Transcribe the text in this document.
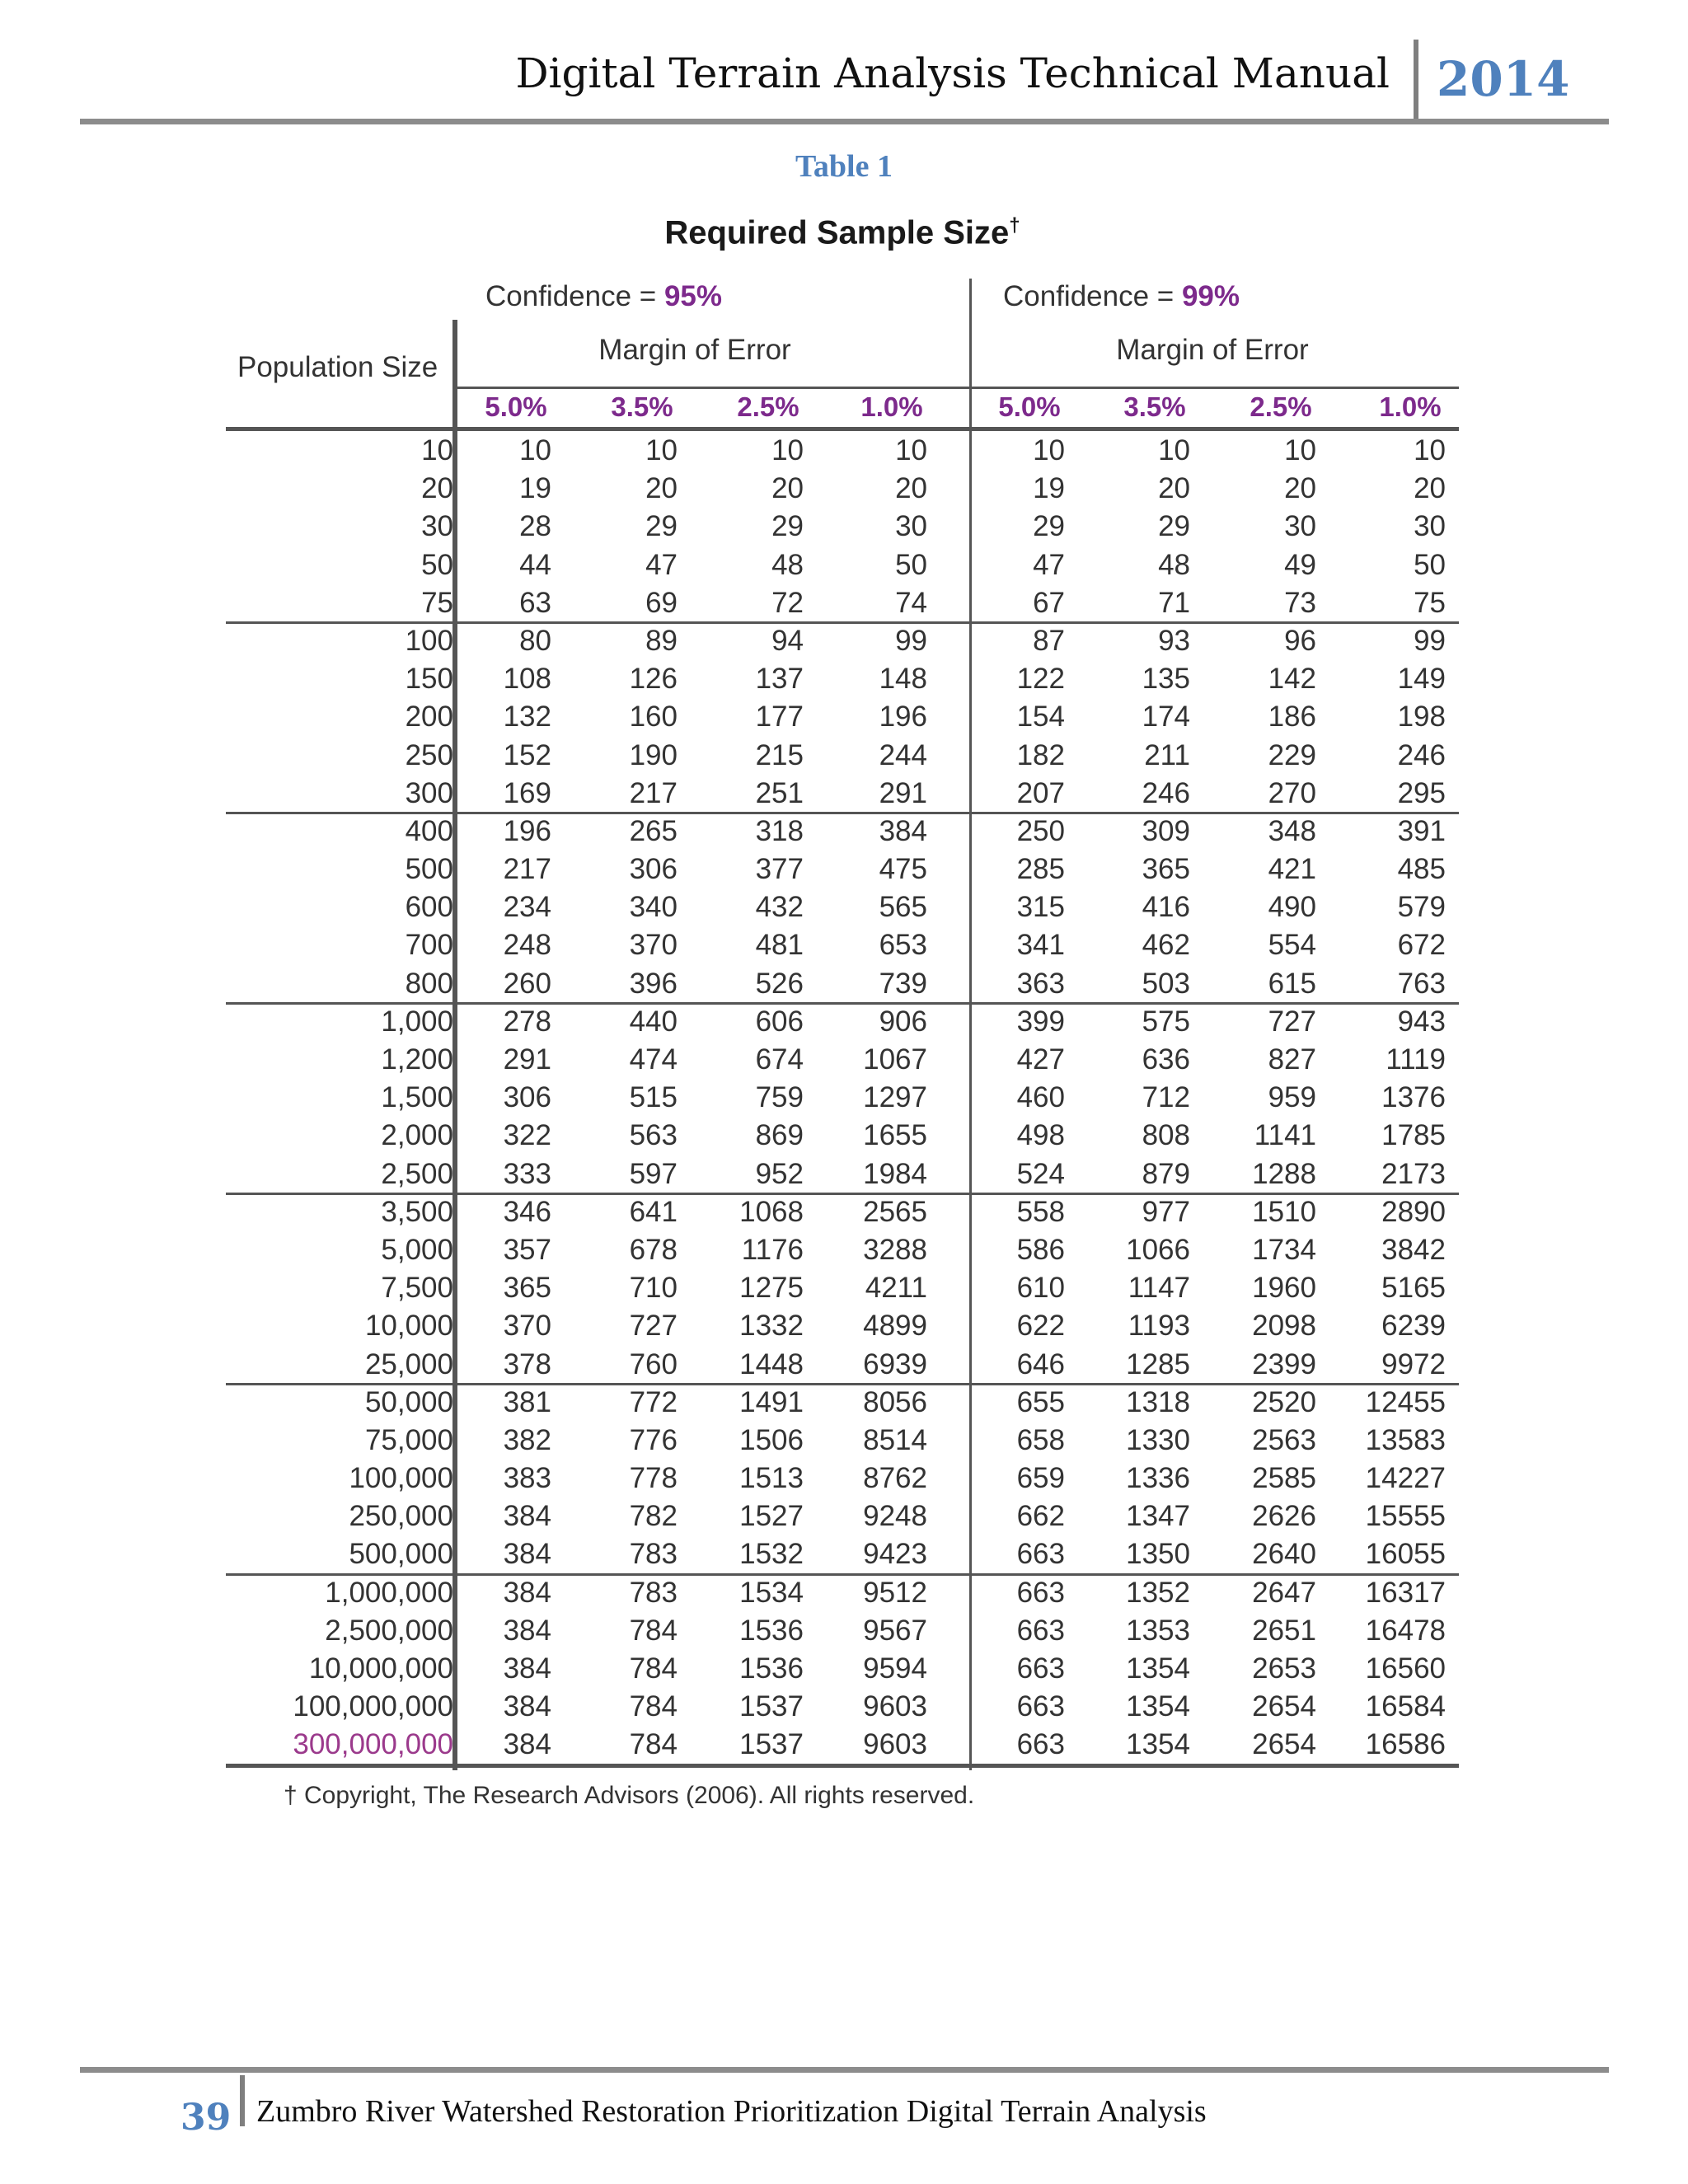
Digital Terrain Analysis Technical Manual 2014
Table 1
Required Sample Size†
Confidence = 95%	Confidence = 99%
Margin of Error	Margin of Error
Population Size
5.0%	3.5%	2.5%	1.0%	5.0%	3.5%	2.5%	1.0%
10	10	10	10	10	10	10	10	10
20	19	20	20	20	19	20	20	20
30	28	29	29	30	29	29	30	30
50	44	47	48	50	47	48	49	50
75	63	69	72	74	67	71	73	75
100	80	89	94	99	87	93	96	99
150	108	126	137	148	122	135	142	149
200	132	160	177	196	154	174	186	198
250	152	190	215	244	182	211	229	246
300	169	217	251	291	207	246	270	295
400	196	265	318	384	250	309	348	391
500	217	306	377	475	285	365	421	485
600	234	340	432	565	315	416	490	579
700	248	370	481	653	341	462	554	672
800	260	396	526	739	363	503	615	763
1,000	278	440	606	906	399	575	727	943
1,200	291	474	674	1067	427	636	827	1119
1,500	306	515	759	1297	460	712	959	1376
2,000	322	563	869	1655	498	808	1141	1785
2,500	333	597	952	1984	524	879	1288	2173
3,500	346	641	1068	2565	558	977	1510	2890
5,000	357	678	1176	3288	586	1066	1734	3842
7,500	365	710	1275	4211	610	1147	1960	5165
10,000	370	727	1332	4899	622	1193	2098	6239
25,000	378	760	1448	6939	646	1285	2399	9972
50,000	381	772	1491	8056	655	1318	2520	12455
75,000	382	776	1506	8514	658	1330	2563	13583
100,000	383	778	1513	8762	659	1336	2585	14227
250,000	384	782	1527	9248	662	1347	2626	15555
500,000	384	783	1532	9423	663	1350	2640	16055
1,000,000	384	783	1534	9512	663	1352	2647	16317
2,500,000	384	784	1536	9567	663	1353	2651	16478
10,000,000	384	784	1536	9594	663	1354	2653	16560
100,000,000	384	784	1537	9603	663	1354	2654	16584
300,000,000	384	784	1537	9603	663	1354	2654	16586
† Copyright, The Research Advisors (2006). All rights reserved.
39 Zumbro River Watershed Restoration Prioritization Digital Terrain Analysis
